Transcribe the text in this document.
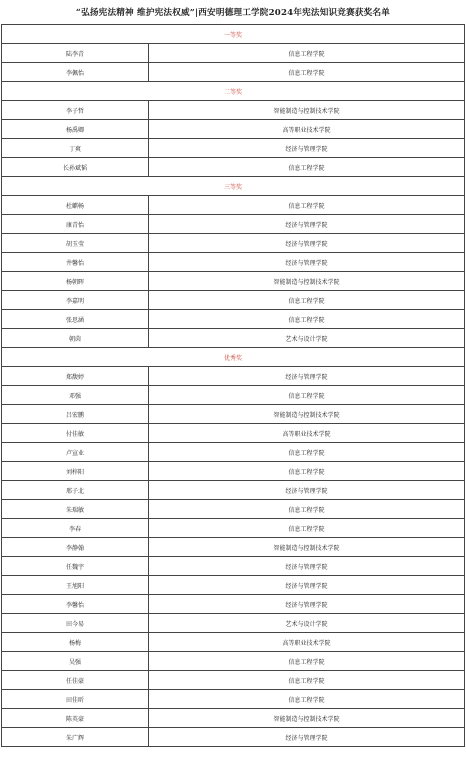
“弘扬宪法精神 维护宪法权威”|西安明德理工学院2024年宪法知识竞赛获奖名单
一等奖	
陆李青	信息工程学院
李佩怡	信息工程学院
二等奖	
李子哲	智能制造与控制技术学院
杨禹卿	高等职业技术学院
丁爽	经济与管理学院
长孙斌韬	信息工程学院
三等奖	
杜麒畅	信息工程学院
康青怡	经济与管理学院
胡玉莹	经济与管理学院
井馨怡	经济与管理学院
杨朝晖	智能制造与控制技术学院
李嘉明	信息工程学院
张思涵	信息工程学院
朝茵	艺术与设计学院
优秀奖	
郑馥婷	经济与管理学院
邓强	信息工程学院
吕宏鹏	智能制造与控制技术学院
付佳敏	高等职业技术学院
卢宣业	信息工程学院
刘梓阳	信息工程学院
邢子北	经济与管理学院
朱瑞敏	信息工程学院
李春	信息工程学院
李静翰	智能制造与控制技术学院
任魏宇	经济与管理学院
王旭阳	经济与管理学院
李馨怡	经济与管理学院
田今易	艺术与设计学院
杨梅	高等职业技术学院
吴强	信息工程学院
任佳豪	信息工程学院
田佳昕	信息工程学院
陈英豪	智能制造与控制技术学院
朱广辉	经济与管理学院
